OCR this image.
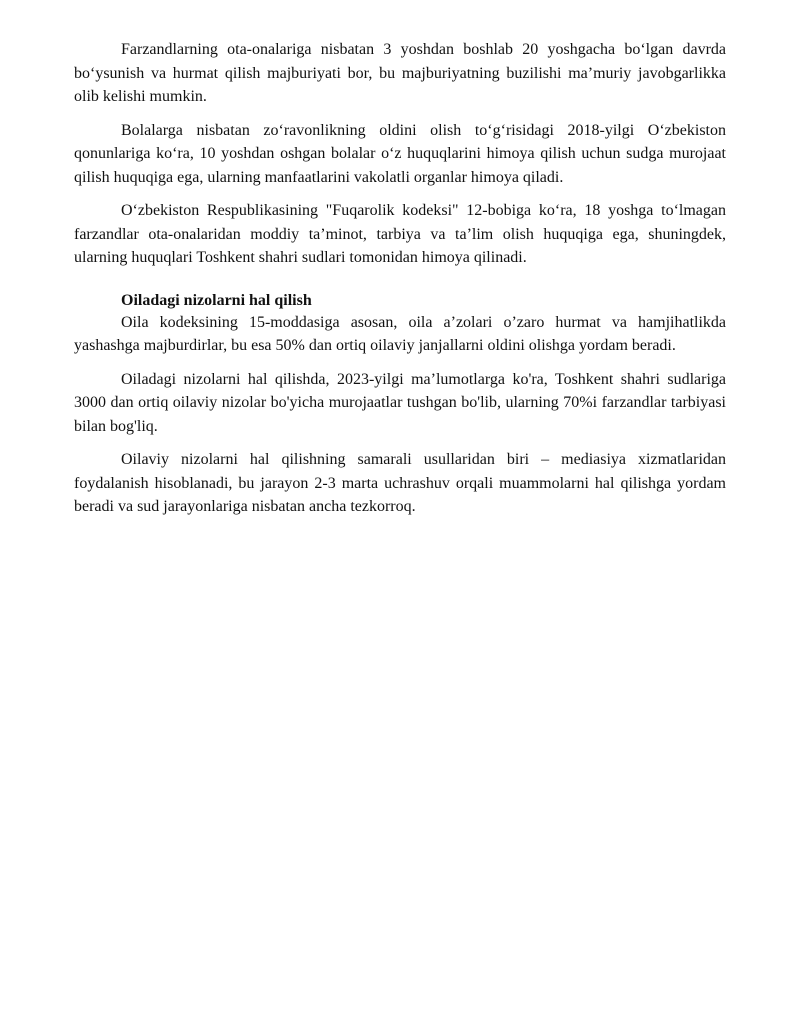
Farzandlarning ota-onalariga nisbatan 3 yoshdan boshlab 20 yoshgacha bo‘lgan davrda bo‘ysunish va hurmat qilish majburiyati bor, bu majburiyatning buzilishi ma’muriy javobgarlikka olib kelishi mumkin.

Bolalarga nisbatan zo‘ravonlikning oldini olish to‘g‘risidagi 2018-yilgi O‘zbekiston qonunlariga ko‘ra, 10 yoshdan oshgan bolalar o‘z huquqlarini himoya qilish uchun sudga murojaat qilish huquqiga ega, ularning manfaatlarini vakolatli organlar himoya qiladi.

O‘zbekiston Respublikasining "Fuqarolik kodeksi" 12-bobiga ko‘ra, 18 yoshga to‘lmagan farzandlar ota-onalaridan moddiy ta’minot, tarbiya va ta’lim olish huquqiga ega, shuningdek, ularning huquqlari Toshkent shahri sudlari tomonidan himoya qilinadi.

Oiladagi nizolarni hal qilish

Oila kodeksining 15-moddasiga asosan, oila a’zolari o’zaro hurmat va hamjihatlikda yashashga majburdirlar, bu esa 50% dan ortiq oilaviy janjallarni oldini olishga yordam beradi.

Oiladagi nizolarni hal qilishda, 2023-yilgi ma’lumotlarga ko'ra, Toshkent shahri sudlariga 3000 dan ortiq oilaviy nizolar bo'yicha murojaatlar tushgan bo'lib, ularning 70%i farzandlar tarbiyasi bilan bog'liq.

Oilaviy nizolarni hal qilishning samarali usullaridan biri – mediasiya xizmatlaridan foydalanish hisoblanadi, bu jarayon 2-3 marta uchrashuv orqali muammolarni hal qilishga yordam beradi va sud jarayonlariga nisbatan ancha tezkorroq.
